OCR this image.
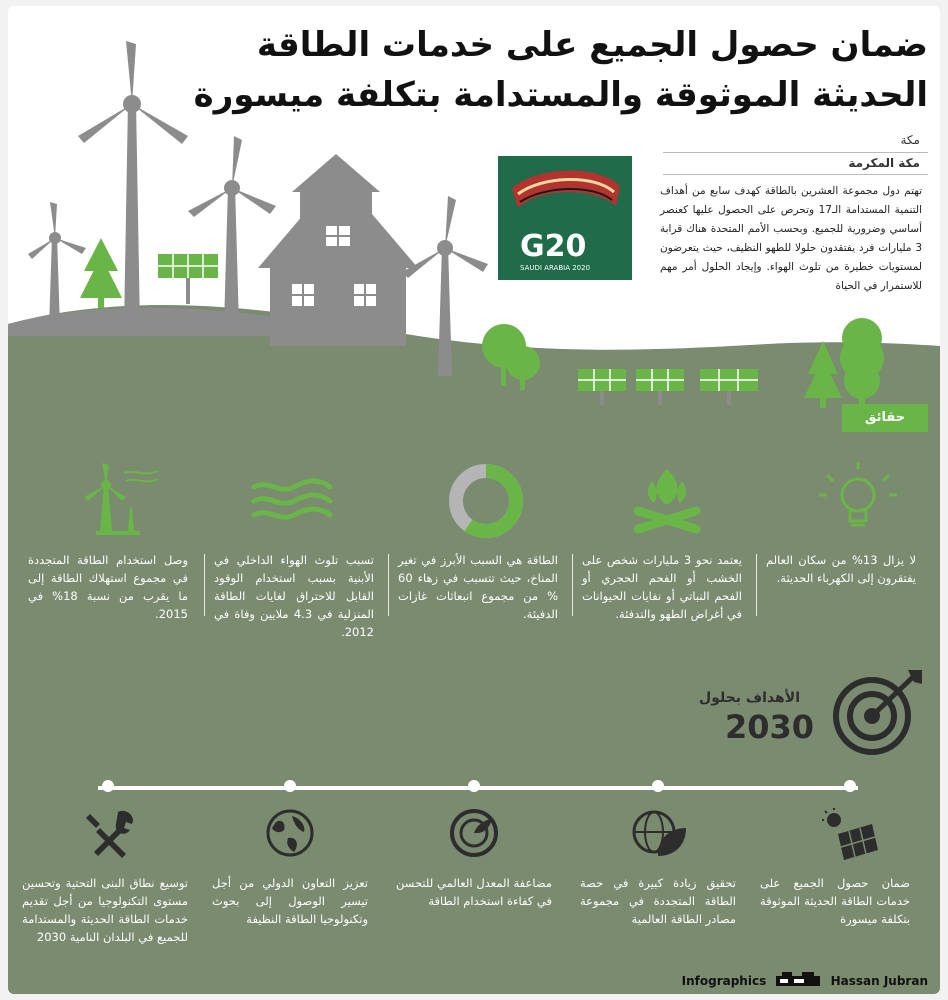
ضمان حصول الجميع على خدمات الطاقة
الحديثة الموثوقة والمستدامة بتكلفة ميسورة
مكة
مكة المكرمة
تهتم دول مجموعة العشرين بالطاقة كهدف سابع من أهداف التنمية المستدامة الـ17 وتحرص على الحصول عليها كعنصر أساسي وضرورية للجميع. وبحسب الأمم المتحدة هناك قرابة 3 مليارات فرد يفتقدون حلولا للطهو النظيف، حيث يتعرضون لمستويات خطيرة من تلوث الهواء. وإيجاد الحلول أمر مهم للاستمرار في الحياة
G20
SAUDI ARABIA 2020
حقائق
لا يزال 13% من سكان العالم يفتقرون إلى الكهرباء الحديثة.
يعتمد نحو 3 مليارات شخص على الخشب أو الفحم الحجري أو الفحم النباتي أو نفايات الحيوانات في أغراض الطهو والتدفئة.
الطاقة هي السبب الأبرز في تغير المناخ، حيث تتسبب في زهاء 60 % من مجموع انبعاثات غازات الدفيئة.
تسبب تلوث الهواء الداخلي في الأبنية بسبب استخدام الوقود القابل للاحتراق لغايات الطاقة المنزلية في 4.3 ملايين وفاة في 2012.
وصل استخدام الطاقة المتجددة في مجموع استهلاك الطاقة إلى ما يقرب من نسبة 18% في 2015.
الأهداف بحلول
2030
ضمان حصول الجميع على خدمات الطاقة الحديثة الموثوقة بتكلفة ميسورة
تحقيق زيادة كبيرة في حصة الطاقة المتجددة في مجموعة مصادر الطاقة العالمية
مضاعفة المعدل العالمي للتحسن في كفاءة استخدام الطاقة
تعزيز التعاون الدولي من أجل تيسير الوصول إلى بحوث وتكنولوجيا الطاقة النظيفة
توسيع نطاق البنى التحتية وتحسين مستوى التكنولوجيا من أجل تقديم خدمات الطاقة الحديثة والمستدامة للجميع في البلدان النامية 2030
Infographics	Hassan Jubran
